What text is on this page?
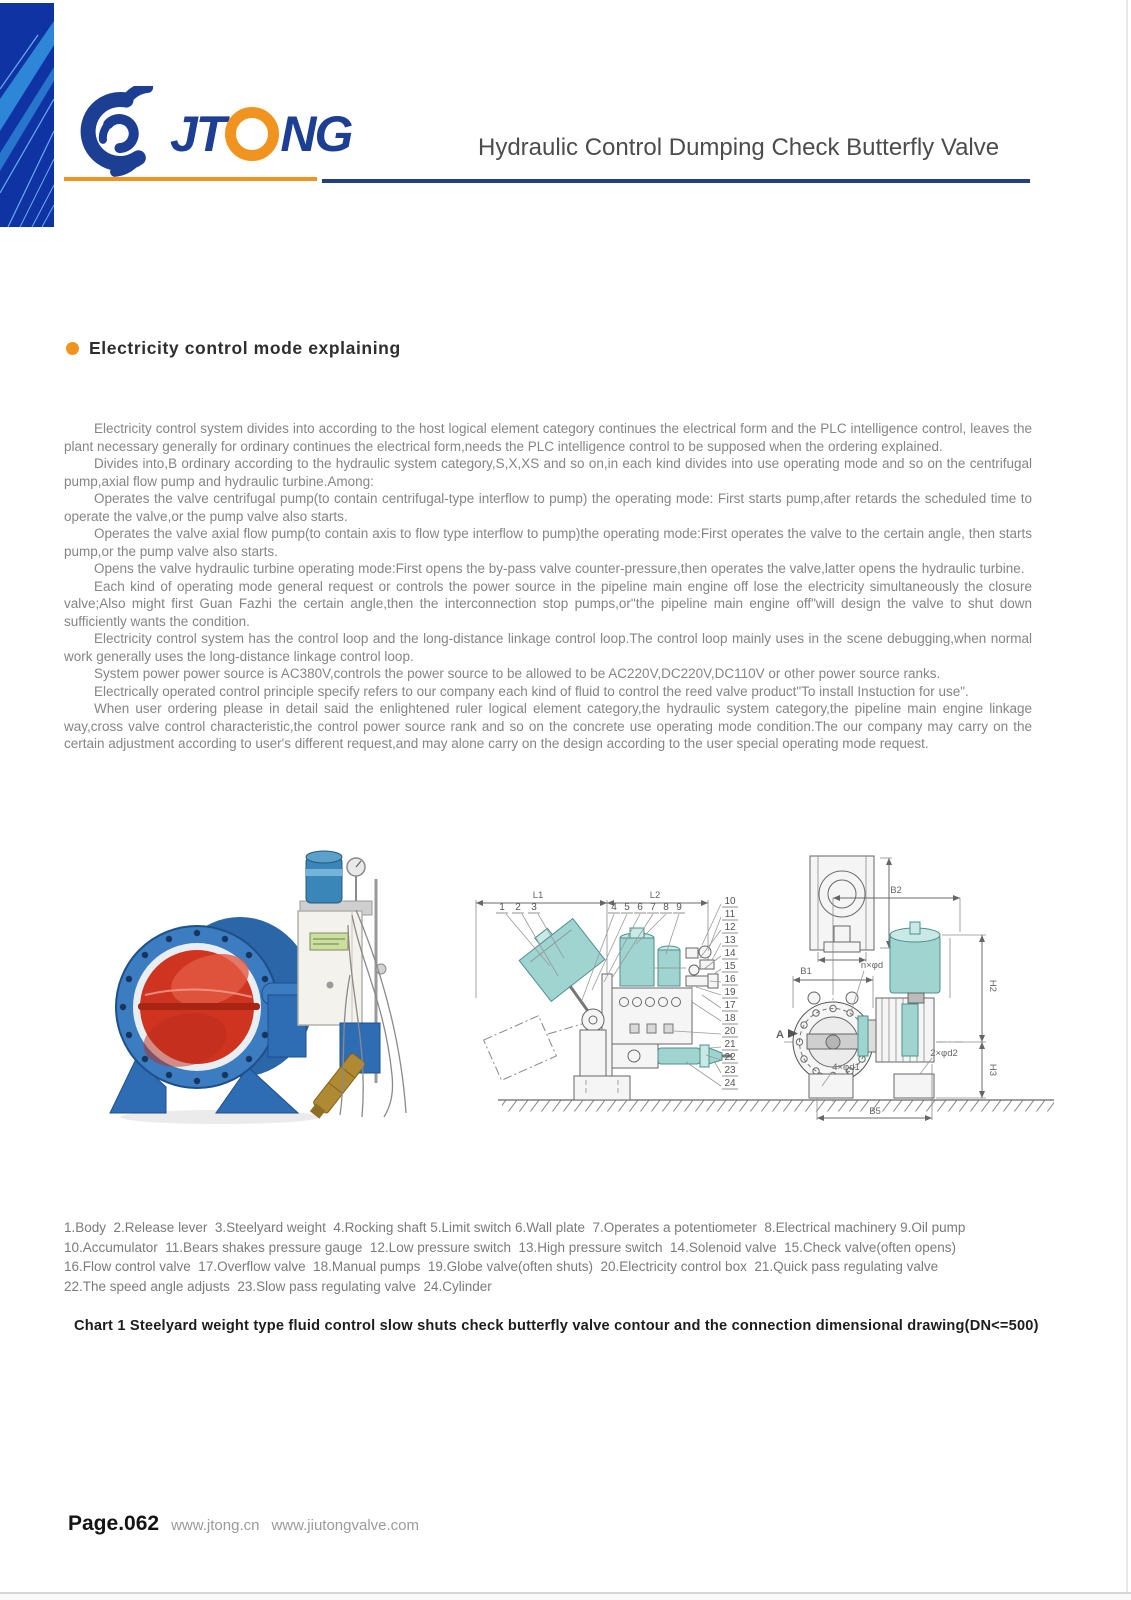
JT NG	Hydraulic Control Dumping Check Butterfly Valve
Electricity control mode explaining

Electricity control system divides into according to the host logical element category continues the electrical form and the PLC intelligence control, leaves the plant necessary generally for ordinary continues the electrical form,needs the PLC intelligence control to be supposed when the ordering explained.

Divides into,B ordinary according to the hydraulic system category,S,X,XS and so on,in each kind divides into use operating mode and so on the centrifugal pump,axial flow pump and hydraulic turbine.Among:

Operates the valve centrifugal pump(to contain centrifugal-type interflow to pump) the operating mode: First starts pump,after retards the scheduled time to operate the valve,or the pump valve also starts.

Operates the valve axial flow pump(to contain axis to flow type interflow to pump)the operating mode:First operates the valve to the certain angle, then starts pump,or the pump valve also starts.

Opens the valve hydraulic turbine operating mode:First opens the by-pass valve counter-pressure,then operates the valve,latter opens the hydraulic turbine.

Each kind of operating mode general request or controls the power source in the pipeline main engine off lose the electricity simultaneously the closure valve;Also might first Guan Fazhi the certain angle,then the interconnection stop pumps,or"the pipeline main engine off"will design the valve to shut down sufficiently wants the condition.

Electricity control system has the control loop and the long-distance linkage control loop.The control loop mainly uses in the scene debugging,when normal work generally uses the long-distance linkage control loop.

System power power source is AC380V,controls the power source to be allowed to be AC220V,DC220V,DC110V or other power source ranks.

Electrically operated control principle specify refers to our company each kind of fluid to control the reed valve product"To install Instuction for use".

When user ordering please in detail said the enlightened ruler logical element category,the hydraulic system category,the pipeline main engine linkage way,cross valve control characteristic,the control power source rank and so on the concrete use operating mode condition.The our company may carry on the certain adjustment according to user's different request,and may alone carry on the design according to the user special operating mode request.

L1	L2
1 2 3	4 5 6 7 8 9
10
11
12
13
14
15
16
19
17
18
20
21
22
23
24
B2
B1
n×φd
H2
H3
4×φd1
2×φd2
B5
A
1.Body  2.Release lever  3.Steelyard weight  4.Rocking shaft 5.Limit switch 6.Wall plate  7.Operates a potentiometer  8.Electrical machinery 9.Oil pump
10.Accumulator  11.Bears shakes pressure gauge  12.Low pressure switch  13.High pressure switch  14.Solenoid valve  15.Check valve(often opens)
16.Flow control valve  17.Overflow valve  18.Manual pumps  19.Globe valve(often shuts)  20.Electricity control box  21.Quick pass regulating valve
22.The speed angle adjusts  23.Slow pass regulating valve  24.Cylinder
Chart 1 Steelyard weight type fluid control slow shuts check butterfly valve contour and the connection dimensional drawing(DN<=500)
Page.062 www.jtong.cn www.jiutongvalve.com
